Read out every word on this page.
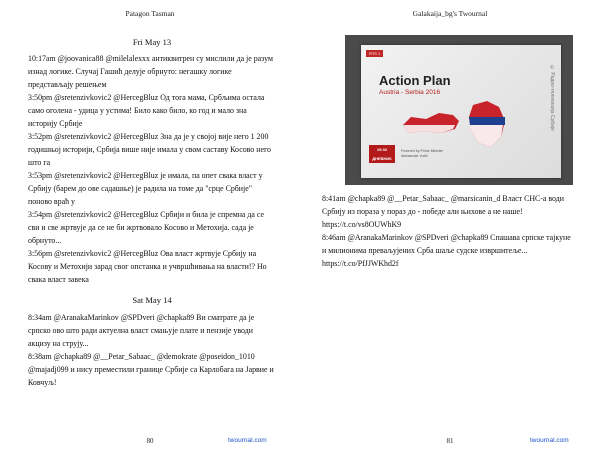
Patagon Tasman

Fri May 13

10:17am @joovanica88 @milelalexxx антиквитрен су мислили да је разум изнад логике. Случај Гашић делује обрнуто: негашку логике представљају решењем

3:50pm @sretenzivkovic2 @HercegBluz Од тога мама, Србљима остала само оголена - удица у устима! Било како било, ко год и мало зна историју Србије

3:52pm @sretenzivkovic2 @HercegBluz Зна да је у својој вије него 1 200 годишњој историји, Србија више није имала у свом саставу Косово него што га

3:53pm @sretenzivkovic2 @HercegBluz је имала, па опет свака власт у Србију (барем до ове садашње) је радила на томе да "срце Србије" поново враћ у

3:54pm @sretenzivkovic2 @HercegBluz Србији и била је спремна да се сви и све жртвује да се не би жртвовало Косово и Метохија. сада је обрнуто...

3:56pm @sretenzivkovic2 @HercegBluz Ова власт жртвује Србију на Косову и Метохији зарад свог опстанка и учвршћивања на власти!? Но свака власт завека

Sat May 14

8:34am @AranakaMarinkov @SPDveri @chapka89 Ви сматрате да је српско ово што ради актуелна власт смањује плате и пензије уводи акцизу на струју...

8:38am @chapka89 @__Petar_Sabaac_ @demokrate @poseidon_1010 @majadj099 и нису преместили границе Србије са Карлобага на Јарвие и Ковчуљ!

80	twournal.com
Galakaija_bg's Twournal
RTS 1
Action Plan
Austria - Serbia 2016
19:32
ДНЕВНИК
Powered by Prime Minister
Aleksandar Vučić
© Радио-телевизија Србије

8:41am @chapka89 @__Petar_Sabaac_ @marsicanin_d Власт СНС-а води Србију из пораза у пораз до - победе али њихове а не наше! https://t.co/vs8OUWhK9

8:46am @AranakaMarinkov @SPDveri @chapka89 Спашава српске тајкуне и милионима преваљујених Срба шаље судске извршитеље... https://t.co/PfJJWKhd2f

81	twournal.com
